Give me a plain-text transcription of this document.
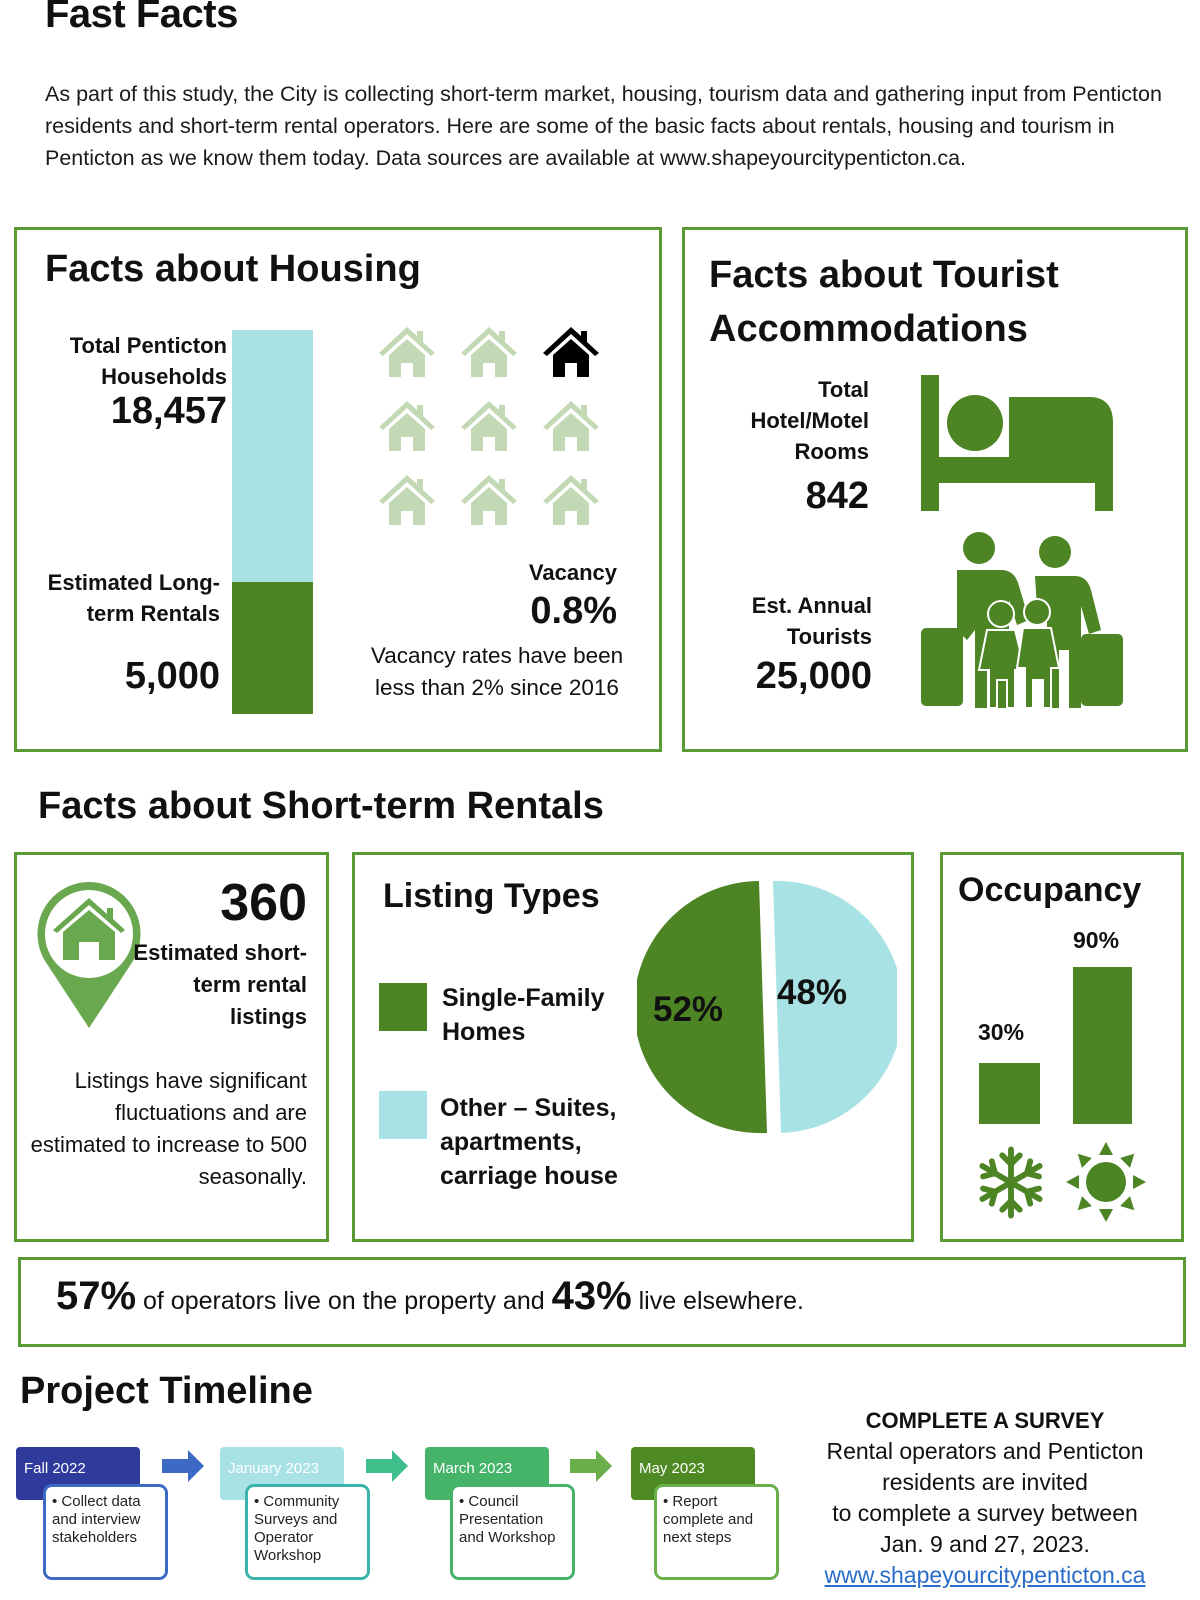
Fast Facts
As part of this study, the City is collecting short-term market, housing, tourism data and gathering input from Penticton residents and short-term rental operators. Here are some of the basic facts about rentals, housing and tourism in Penticton as we know them today. Data sources are available at www.shapeyourcitypenticton.ca.
Facts about Housing
Total Penticton Households
18,457
Estimated Long-term Rentals
5,000
Vacancy
0.8%
Vacancy rates have been less than 2% since 2016
Facts about Tourist Accommodations
Total Hotel/Motel Rooms
842
Est. Annual Tourists
25,000
Facts about Short-term Rentals
360
Estimated short-term rental listings
Listings have significant fluctuations and are estimated to increase to 500 seasonally.
Listing Types
Single-Family Homes
Other – Suites, apartments, carriage house
52% 48%
Occupancy
90%
30%
57% of operators live on the property and 43% live elsewhere.
Project Timeline
Fall 2022
• Collect data and interview stakeholders
January 2023
• Community Surveys and Operator Workshop
March 2023
• Council Presentation and Workshop
May 2023
• Report complete and next steps
COMPLETE A SURVEY
Rental operators and Penticton
residents are invited
to complete a survey between
Jan. 9 and 27, 2023.
www.shapeyourcitypenticton.ca
